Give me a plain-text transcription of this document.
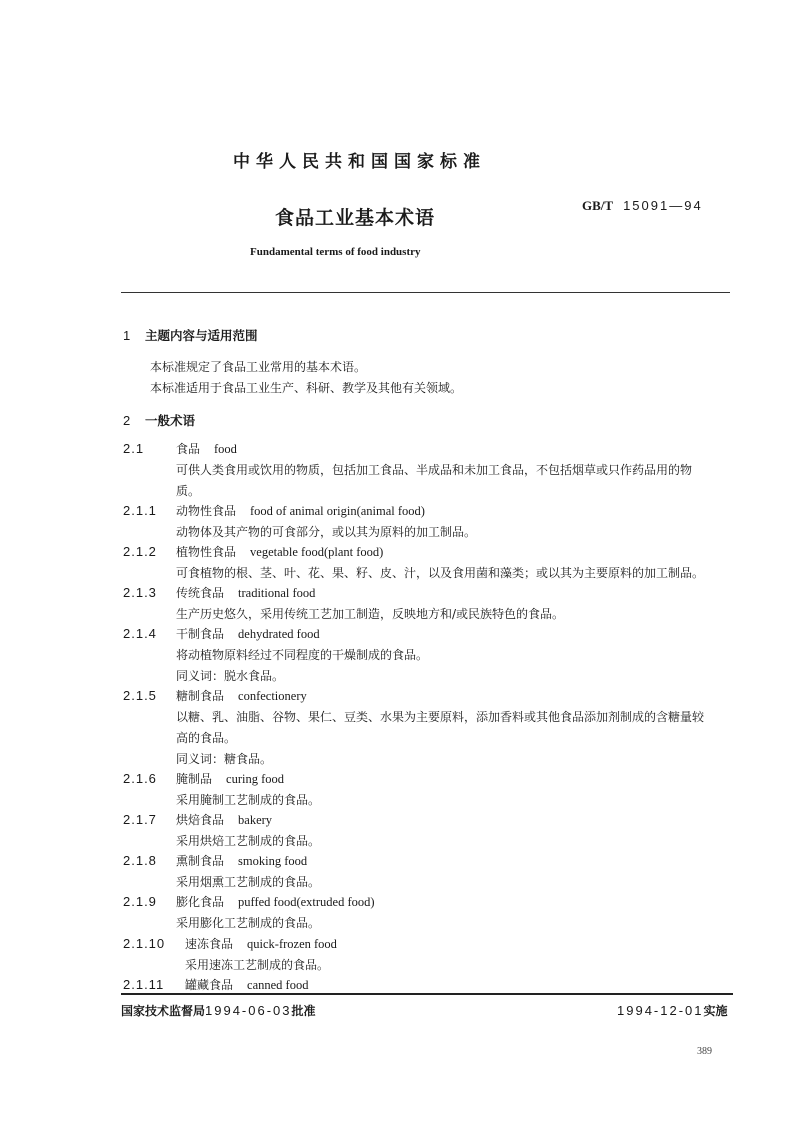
中华人民共和国国家标准
食品工业基本术语
GB/T 15091—94
Fundamental terms of food industry
1 主题内容与适用范围
本标准规定了食品工业常用的基本术语。
本标准适用于食品工业生产、科研、教学及其他有关领域。
2 一般术语
2.1	食品 food
可供人类食用或饮用的物质，包括加工食品、半成品和未加工食品，不包括烟草或只作药品用的物
质。
2.1.1 动物性食品 food of animal origin(animal food)
动物体及其产物的可食部分，或以其为原料的加工制品。
2.1.2 植物性食品 vegetable food(plant food)
可食植物的根、茎、叶、花、果、籽、皮、汁，以及食用菌和藻类；或以其为主要原料的加工制品。
2.1.3 传统食品 traditional food
生产历史悠久，采用传统工艺加工制造，反映地方和/或民族特色的食品。
2.1.4 干制食品 dehydrated food
将动植物原料经过不同程度的干燥制成的食品。
同义词：脱水食品。
2.1.5 糖制食品 confectionery
以糖、乳、油脂、谷物、果仁、豆类、水果为主要原料，添加香料或其他食品添加剂制成的含糖量较
高的食品。
同义词：糖食品。
2.1.6 腌制品 curing food
采用腌制工艺制成的食品。
2.1.7 烘焙食品 bakery
采用烘焙工艺制成的食品。
2.1.8 熏制食品 smoking food
采用烟熏工艺制成的食品。
2.1.9 膨化食品 puffed food(extruded food)
采用膨化工艺制成的食品。
2.1.10 速冻食品 quick-frozen food
采用速冻工艺制成的食品。
2.1.11 罐藏食品 canned food
国家技术监督局1994-06-03批准	1994-12-01实施
389
